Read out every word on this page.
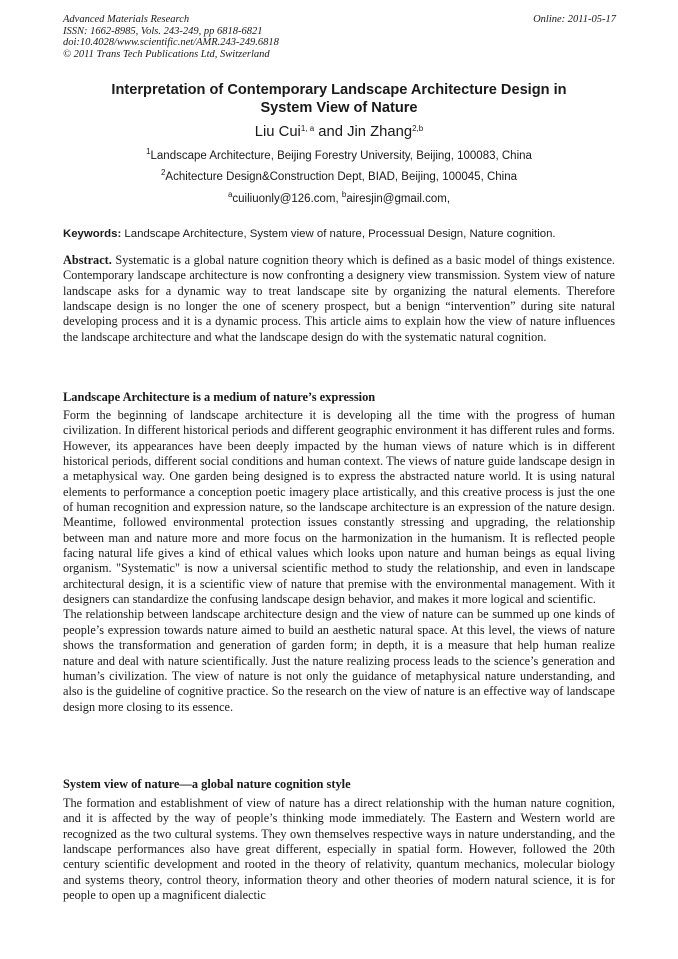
Advanced Materials Research
ISSN: 1662-8985, Vols. 243-249, pp 6818-6821
doi:10.4028/www.scientific.net/AMR.243-249.6818
© 2011 Trans Tech Publications Ltd, Switzerland
Online: 2011-05-17
Interpretation of Contemporary Landscape Architecture Design in
System View of Nature
Liu Cui$^{1, a}$ and Jin Zhang$^{2,b}$
$^1$Landscape Architecture, Beijing Forestry University, Beijing, 100083, China
$^2$Achitecture Design&Construction Dept, BIAD, Beijing, 100045, China
$^a$cuiliuonly@126.com, $^b$airesjin@gmail.com,
Keywords: Landscape Architecture, System view of nature, Processual Design, Nature cognition.

Abstract. Systematic is a global nature cognition theory which is defined as a basic model of things existence. Contemporary landscape architecture is now confronting a designery view transmission. System view of nature landscape asks for a dynamic way to treat landscape site by organizing the natural elements. Therefore landscape design is no longer the one of scenery prospect, but a benign “intervention” during site natural developing process and it is a dynamic process. This article aims to explain how the view of nature influences the landscape architecture and what the landscape design do with the systematic natural cognition.

Landscape Architecture is a medium of nature’s expression

Form the beginning of landscape architecture it is developing all the time with the progress of human civilization. In different historical periods and different geographic environment it has different rules and forms. However, its appearances have been deeply impacted by the human views of nature which is in different historical periods, different social conditions and human context. The views of nature guide landscape design in a metaphysical way. One garden being designed is to express the abstracted nature world. It is using natural elements to performance a conception poetic imagery place artistically, and this creative process is just the one of human recognition and expression nature, so the landscape architecture is an expression of the nature design. Meantime, followed environmental protection issues constantly stressing and upgrading, the relationship between man and nature more and more focus on the harmonization in the humanism. It is reflected people facing natural life gives a kind of ethical values which looks upon nature and human beings as equal living organism. "Systematic" is now a universal scientific method to study the relationship, and even in landscape architectural design, it is a scientific view of nature that premise with the environmental management. With it designers can standardize the confusing landscape design behavior, and makes it more logical and scientific.

The relationship between landscape architecture design and the view of nature can be summed up one kinds of people’s expression towards nature aimed to build an aesthetic natural space. At this level, the views of nature shows the transformation and generation of garden form; in depth, it is a measure that help human realize nature and deal with nature scientifically. Just the nature realizing process leads to the science’s generation and human’s civilization. The view of nature is not only the guidance of metaphysical nature understanding, and also is the guideline of cognitive practice. So the research on the view of nature is an effective way of landscape design more closing to its essence.

System view of nature—a global nature cognition style

The formation and establishment of view of nature has a direct relationship with the human nature cognition, and it is affected by the way of people’s thinking mode immediately. The Eastern and Western world are recognized as the two cultural systems. They own themselves respective ways in nature understanding, and the landscape performances also have great different, especially in spatial form. However, followed the 20th century scientific development and rooted in the theory of relativity, quantum mechanics, molecular biology and systems theory, control theory, information theory and other theories of modern natural science, it is for people to open up a magnificent dialectic
